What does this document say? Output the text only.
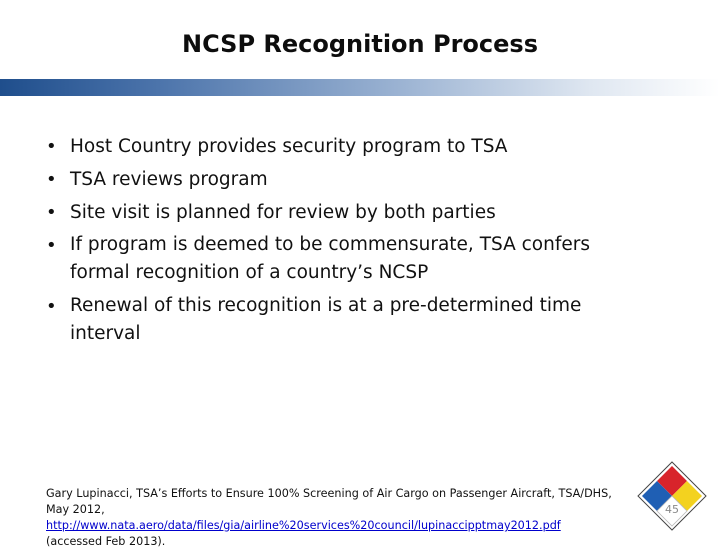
NCSP Recognition Process
• Host Country provides security program to TSA
• TSA reviews program
• Site visit is planned for review by both parties
• If program is deemed to be commensurate, TSA confers formal recognition of a country’s NCSP
• Renewal of this recognition is at a pre-determined time interval
Gary Lupinacci, TSA’s Efforts to Ensure 100% Screening of Air Cargo on Passenger Aircraft, TSA/DHS, May 2012, http://www.nata.aero/data/files/gia/airline%20services%20council/lupinaccipptmay2012.pdf (accessed Feb 2013).
45
